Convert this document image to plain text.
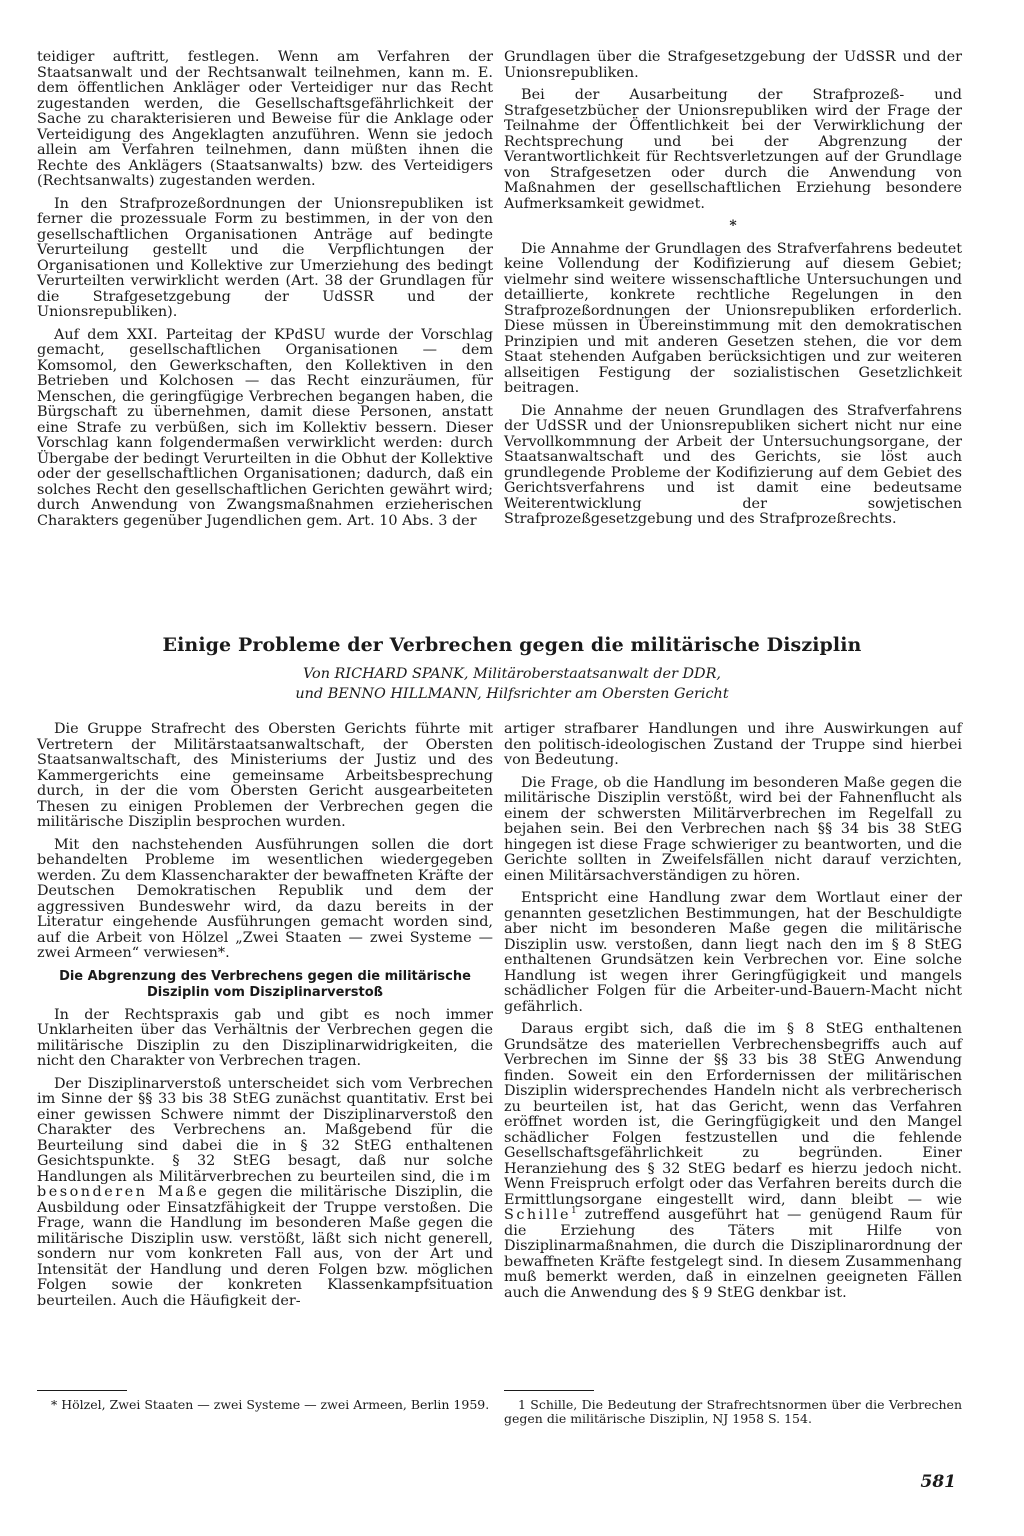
teidiger auftritt, festlegen. Wenn am Verfahren der Staatsanwalt und der Rechtsanwalt teilnehmen, kann m. E. dem öffentlichen Ankläger oder Verteidiger nur das Recht zugestanden werden, die Gesellschaftsgefährlichkeit der Sache zu charakterisieren und Beweise für die Anklage oder Verteidigung des Angeklagten anzuführen. Wenn sie jedoch allein am Verfahren teilnehmen, dann müßten ihnen die Rechte des Anklägers (Staatsanwalts) bzw. des Verteidigers (Rechtsanwalts) zugestanden werden.

In den Strafprozeßordnungen der Unionsrepubliken ist ferner die prozessuale Form zu bestimmen, in der von den gesellschaftlichen Organisationen Anträge auf bedingte Verurteilung gestellt und die Verpflichtungen der Organisationen und Kollektive zur Umerziehung des bedingt Verurteilten verwirklicht werden (Art. 38 der Grundlagen für die Strafgesetzgebung der UdSSR und der Unionsrepubliken).

Auf dem XXI. Parteitag der KPdSU wurde der Vorschlag gemacht, gesellschaftlichen Organisationen — dem Komsomol, den Gewerkschaften, den Kollektiven in den Betrieben und Kolchosen — das Recht einzuräumen, für Menschen, die geringfügige Verbrechen begangen haben, die Bürgschaft zu übernehmen, damit diese Personen, anstatt eine Strafe zu verbüßen, sich im Kollektiv bessern. Dieser Vorschlag kann folgendermaßen verwirklicht werden: durch Übergabe der bedingt Verurteilten in die Obhut der Kollektive oder der gesellschaftlichen Organisationen; dadurch, daß ein solches Recht den gesellschaftlichen Gerichten gewährt wird; durch Anwendung von Zwangsmaßnahmen erzieherischen Charakters gegenüber Jugendlichen gem. Art. 10 Abs. 3 der

Grundlagen über die Strafgesetzgebung der UdSSR und der Unionsrepubliken.

Bei der Ausarbeitung der Strafprozeß- und Strafgesetzbücher der Unionsrepubliken wird der Frage der Teilnahme der Öffentlichkeit bei der Verwirklichung der Rechtsprechung und bei der Abgrenzung der Verantwortlichkeit für Rechtsverletzungen auf der Grundlage von Strafgesetzen oder durch die Anwendung von Maßnahmen der gesellschaftlichen Erziehung besondere Aufmerksamkeit gewidmet.

*

Die Annahme der Grundlagen des Strafverfahrens bedeutet keine Vollendung der Kodifizierung auf diesem Gebiet; vielmehr sind weitere wissenschaftliche Untersuchungen und detaillierte, konkrete rechtliche Regelungen in den Strafprozeßordnungen der Unionsrepubliken erforderlich. Diese müssen in Übereinstimmung mit den demokratischen Prinzipien und mit anderen Gesetzen stehen, die vor dem Staat stehenden Aufgaben berücksichtigen und zur weiteren allseitigen Festigung der sozialistischen Gesetzlichkeit beitragen.

Die Annahme der neuen Grundlagen des Strafverfahrens der UdSSR und der Unionsrepubliken sichert nicht nur eine Vervollkommnung der Arbeit der Untersuchungsorgane, der Staatsanwaltschaft und des Gerichts, sie löst auch grundlegende Probleme der Kodifizierung auf dem Gebiet des Gerichtsverfahrens und ist damit eine bedeutsame Weiterentwicklung der sowjetischen Strafprozeßgesetzgebung und des Strafprozeßrechts.

Einige Probleme der Verbrechen gegen die militärische Disziplin
Von RICHARD SPANK, Militäroberstaatsanwalt der DDR,
und BENNO HILLMANN, Hilfsrichter am Obersten Gericht

Die Gruppe Strafrecht des Obersten Gerichts führte mit Vertretern der Militärstaatsanwaltschaft, der Obersten Staatsanwaltschaft, des Ministeriums der Justiz und des Kammergerichts eine gemeinsame Arbeitsbesprechung durch, in der die vom Obersten Gericht ausgearbeiteten Thesen zu einigen Problemen der Verbrechen gegen die militärische Disziplin besprochen wurden.

Mit den nachstehenden Ausführungen sollen die dort behandelten Probleme im wesentlichen wiedergegeben werden. Zu dem Klassencharakter der bewaffneten Kräfte der Deutschen Demokratischen Republik und dem der aggressiven Bundeswehr wird, da dazu bereits in der Literatur eingehende Ausführungen gemacht worden sind, auf die Arbeit von Hölzel „Zwei Staaten — zwei Systeme — zwei Armeen“ verwiesen*.

Die Abgrenzung des Verbrechens gegen die militärische Disziplin vom Disziplinarverstoß

In der Rechtspraxis gab und gibt es noch immer Unklarheiten über das Verhältnis der Verbrechen gegen die militärische Disziplin zu den Disziplinarwidrigkeiten, die nicht den Charakter von Verbrechen tragen.

Der Disziplinarverstoß unterscheidet sich vom Verbrechen im Sinne der §§ 33 bis 38 StEG zunächst quantitativ. Erst bei einer gewissen Schwere nimmt der Disziplinarverstoß den Charakter des Verbrechens an. Maßgebend für die Beurteilung sind dabei die in § 32 StEG enthaltenen Gesichtspunkte. § 32 StEG besagt, daß nur solche Handlungen als Militärverbrechen zu beurteilen sind, die im besonderen Maße gegen die militärische Disziplin, die Ausbildung oder Einsatzfähigkeit der Truppe verstoßen. Die Frage, wann die Handlung im besonderen Maße gegen die militärische Disziplin usw. verstößt, läßt sich nicht generell, sondern nur vom konkreten Fall aus, von der Art und Intensität der Handlung und deren Folgen bzw. möglichen Folgen sowie der konkreten Klassenkampfsituation beurteilen. Auch die Häufigkeit der-

artiger strafbarer Handlungen und ihre Auswirkungen auf den politisch-ideologischen Zustand der Truppe sind hierbei von Bedeutung.

Die Frage, ob die Handlung im besonderen Maße gegen die militärische Disziplin verstößt, wird bei der Fahnenflucht als einem der schwersten Militärverbrechen im Regelfall zu bejahen sein. Bei den Verbrechen nach §§ 34 bis 38 StEG hingegen ist diese Frage schwieriger zu beantworten, und die Gerichte sollten in Zweifelsfällen nicht darauf verzichten, einen Militärsachverständigen zu hören.

Entspricht eine Handlung zwar dem Wortlaut einer der genannten gesetzlichen Bestimmungen, hat der Beschuldigte aber nicht im besonderen Maße gegen die militärische Disziplin usw. verstoßen, dann liegt nach den im § 8 StEG enthaltenen Grundsätzen kein Verbrechen vor. Eine solche Handlung ist wegen ihrer Geringfügigkeit und mangels schädlicher Folgen für die Arbeiter-und-Bauern-Macht nicht gefährlich.

Daraus ergibt sich, daß die im § 8 StEG enthaltenen Grundsätze des materiellen Verbrechensbegriffs auch auf Verbrechen im Sinne der §§ 33 bis 38 StEG Anwendung finden. Soweit ein den Erfordernissen der militärischen Disziplin widersprechendes Handeln nicht als verbrecherisch zu beurteilen ist, hat das Gericht, wenn das Verfahren eröffnet worden ist, die Geringfügigkeit und den Mangel schädlicher Folgen festzustellen und die fehlende Gesellschaftsgefährlichkeit zu begründen. Einer Heranziehung des § 32 StEG bedarf es hierzu jedoch nicht. Wenn Freispruch erfolgt oder das Verfahren bereits durch die Ermittlungsorgane eingestellt wird, dann bleibt — wie Schille$^1$ zutreffend ausgeführt hat — genügend Raum für die Erziehung des Täters mit Hilfe von Disziplinarmaßnahmen, die durch die Disziplinarordnung der bewaffneten Kräfte festgelegt sind. In diesem Zusammenhang muß bemerkt werden, daß in einzelnen geeigneten Fällen auch die Anwendung des § 9 StEG denkbar ist.

* Hölzel, Zwei Staaten — zwei Systeme — zwei Armeen, Berlin 1959.	1 Schille, Die Bedeutung der Strafrechtsnormen über die Verbrechen gegen die militärische Disziplin, NJ 1958 S. 154.
581
